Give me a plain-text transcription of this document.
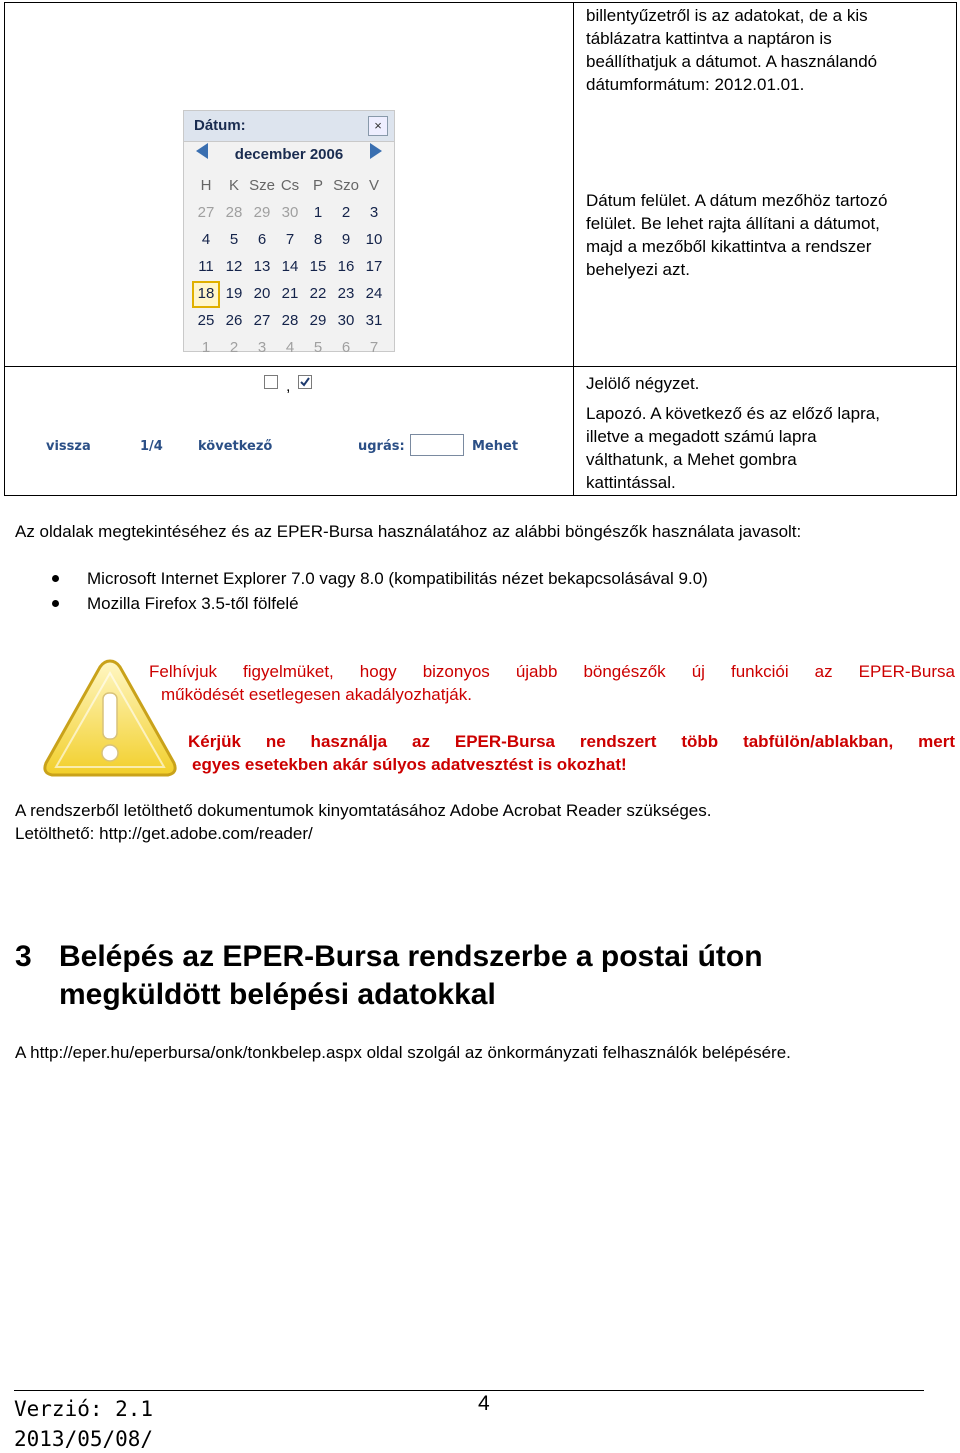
billentyűzetről is az adatokat, de a kis
táblázatra kattintva a naptáron is
beállíthatjuk a dátumot. A használandó
dátumformátum: 2012.01.01.
Dátum:	×
december 2006
H	K Sze Cs P Szo V
27 28 29 30	1	2	3
4	5	6	7	8	9	10
11 12 13 14 15 16 17
18 19 20 21 22 23 24
25 26 27 28 29 30 31
1	2	3	4	5	6	7
Dátum felület. A dátum mezőhöz tartozó
felület. Be lehet rajta állítani a dátumot,
majd a mezőből kikattintva a rendszer
behelyezi azt.
,	Jelölő négyzet.
vissza	1/4	következő	ugrás:	Mehet
Lapozó. A következő és az előző lapra,
illetve a megadott számú lapra
válthatunk, a Mehet gombra
kattintással.
Az oldalak megtekintéséhez és az EPER-Bursa használatához az alábbi böngészők használata javasolt:
Microsoft Internet Explorer 7.0 vagy 8.0 (kompatibilitás nézet bekapcsolásával 9.0)
Mozilla Firefox 3.5-től fölfelé
Felhívjuk figyelmüket, hogy bizonyos újabb böngészők új funkciói az EPER-Bursa
működését esetlegesen akadályozhatják.
Kérjük ne használja az EPER-Bursa rendszert több tabfülön/ablakban, mert
egyes esetekben akár súlyos adatvesztést is okozhat!
A rendszerből letölthető dokumentumok kinyomtatásához Adobe Acrobat Reader szükséges.
Letölthető: http://get.adobe.com/reader/
3 Belépés az EPER-Bursa rendszerbe a postai úton
megküldött belépési adatokkal
A http://eper.hu/eperbursa/onk/tonkbelep.aspx oldal szolgál az önkormányzati felhasználók belépésére.
Verzió: 2.1
2013/05/08/
4
